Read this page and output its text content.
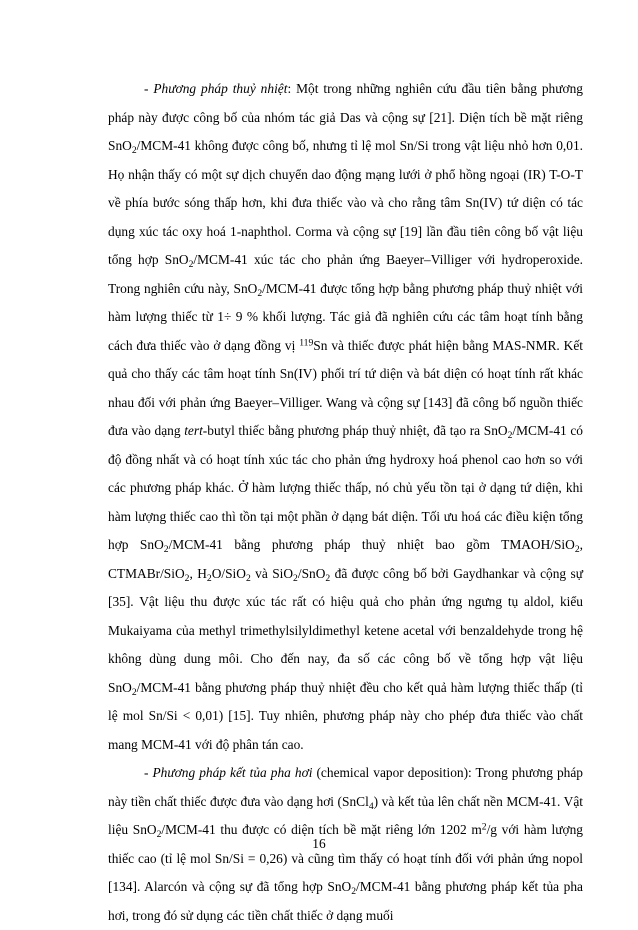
- Phương pháp thuỷ nhiệt: Một trong những nghiên cứu đầu tiên bằng phương pháp này được công bố của nhóm tác giả Das và cộng sự [21]. Diện tích bề mặt riêng SnO$_2$/MCM-41 không được công bố, nhưng tỉ lệ mol Sn/Si trong vật liệu nhỏ hơn 0,01. Họ nhận thấy có một sự dịch chuyển dao động mạng lưới ở phổ hồng ngoại (IR) T-O-T về phía bước sóng thấp hơn, khi đưa thiếc vào và cho rằng tâm Sn(IV) tứ diện có tác dụng xúc tác oxy hoá 1-naphthol. Corma và cộng sự [19] lần đầu tiên công bố vật liệu tổng hợp SnO$_2$/MCM-41 xúc tác cho phản ứng Baeyer–Villiger với hydroperoxide. Trong nghiên cứu này, SnO$_2$/MCM-41 được tổng hợp bằng phương pháp thuỷ nhiệt với hàm lượng thiếc từ 1÷ 9 % khối lượng. Tác giả đã nghiên cứu các tâm hoạt tính bằng cách đưa thiếc vào ở dạng đồng vị $^{119}$Sn và thiếc được phát hiện bằng MAS-NMR. Kết quả cho thấy các tâm hoạt tính Sn(IV) phối trí tứ diện và bát diện có hoạt tính rất khác nhau đối với phản ứng Baeyer–Villiger. Wang và cộng sự [143] đã công bố nguồn thiếc đưa vào dạng tert-butyl thiếc bằng phương pháp thuỷ nhiệt, đã tạo ra SnO$_2$/MCM-41 có độ đồng nhất và có hoạt tính xúc tác cho phản ứng hydroxy hoá phenol cao hơn so với các phương pháp khác. Ở hàm lượng thiếc thấp, nó chủ yếu tồn tại ở dạng tứ diện, khi hàm lượng thiếc cao thì tồn tại một phần ở dạng bát diện. Tối ưu hoá các điều kiện tổng hợp SnO$_2$/MCM-41 bằng phương pháp thuỷ nhiệt bao gồm TMAOH/SiO$_2$, CTMABr/SiO$_2$, $H_2O/SiO_2$ và SiO$_2$/SnO$_2$ đã được công bố bởi Gaydhankar và cộng sự [35]. Vật liệu thu được xúc tác rất có hiệu quả cho phản ứng ngưng tụ aldol, kiểu Mukaiyama của methyl trimethylsilyldimethyl ketene acetal với benzaldehyde trong hệ không dùng dung môi. Cho đến nay, đa số các công bố về tổng hợp vật liệu SnO$_2$/MCM-41 bằng phương pháp thuỷ nhiệt đều cho kết quả hàm lượng thiếc thấp (tỉ lệ mol Sn/Si < 0,01) [15]. Tuy nhiên, phương pháp này cho phép đưa thiếc vào chất mang MCM-41 với độ phân tán cao.

- Phương pháp kết tủa pha hơi (chemical vapor deposition): Trong phương pháp này tiền chất thiếc được đưa vào dạng hơi (SnCl$_4$) và kết tủa lên chất nền MCM-41. Vật liệu SnO$_2$/MCM-41 thu được có diện tích bề mặt riêng lớn 1202 $m^2/g$ với hàm lượng thiếc cao (tỉ lệ mol Sn/Si = 0,26) và cũng tìm thấy có hoạt tính đối với phản ứng nopol [134]. Alarcón và cộng sự đã tổng hợp SnO$_2$/MCM-41 bằng phương pháp kết tủa pha hơi, trong đó sử dụng các tiền chất thiếc ở dạng muối

16
